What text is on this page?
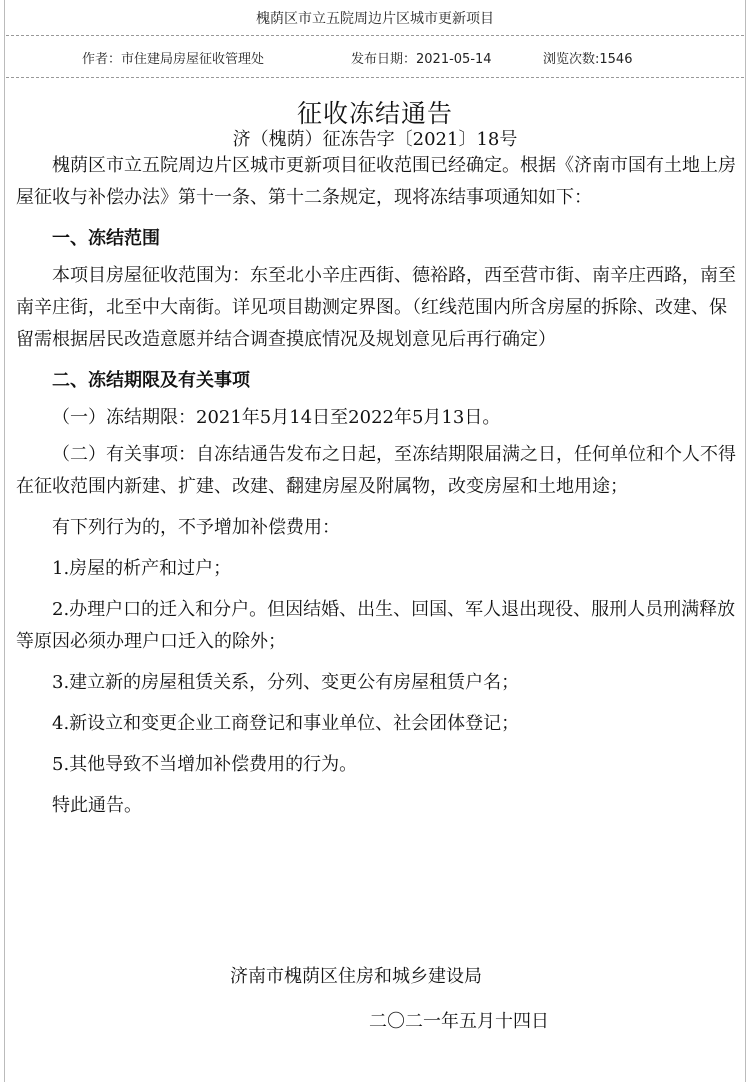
槐荫区市立五院周边片区城市更新项目
作者：市住建局房屋征收管理处	发布日期：2021-05-14	浏览次数:1546
征收冻结通告
济（槐荫）征冻告字〔2021〕18号

槐荫区市立五院周边片区城市更新项目征收范围已经确定。根据《济南市国有土地上房屋征收与补偿办法》第十一条、第十二条规定，现将冻结事项通知如下：

一、冻结范围

本项目房屋征收范围为：东至北小辛庄西街、德裕路，西至营市街、南辛庄西路，南至南辛庄街，北至中大南街。详见项目勘测定界图。（红线范围内所含房屋的拆除、改建、保留需根据居民改造意愿并结合调查摸底情况及规划意见后再行确定）

二、冻结期限及有关事项

（一）冻结期限：2021年5月14日至2022年5月13日。

（二）有关事项：自冻结通告发布之日起，至冻结期限届满之日，任何单位和个人不得在征收范围内新建、扩建、改建、翻建房屋及附属物，改变房屋和土地用途；

有下列行为的，不予增加补偿费用：

1.房屋的析产和过户；

2.办理户口的迁入和分户。但因结婚、出生、回国、军人退出现役、服刑人员刑满释放等原因必须办理户口迁入的除外；

3.建立新的房屋租赁关系，分列、变更公有房屋租赁户名；

4.新设立和变更企业工商登记和事业单位、社会团体登记；

5.其他导致不当增加补偿费用的行为。

特此通告。

济南市槐荫区住房和城乡建设局
二〇二一年五月十四日
